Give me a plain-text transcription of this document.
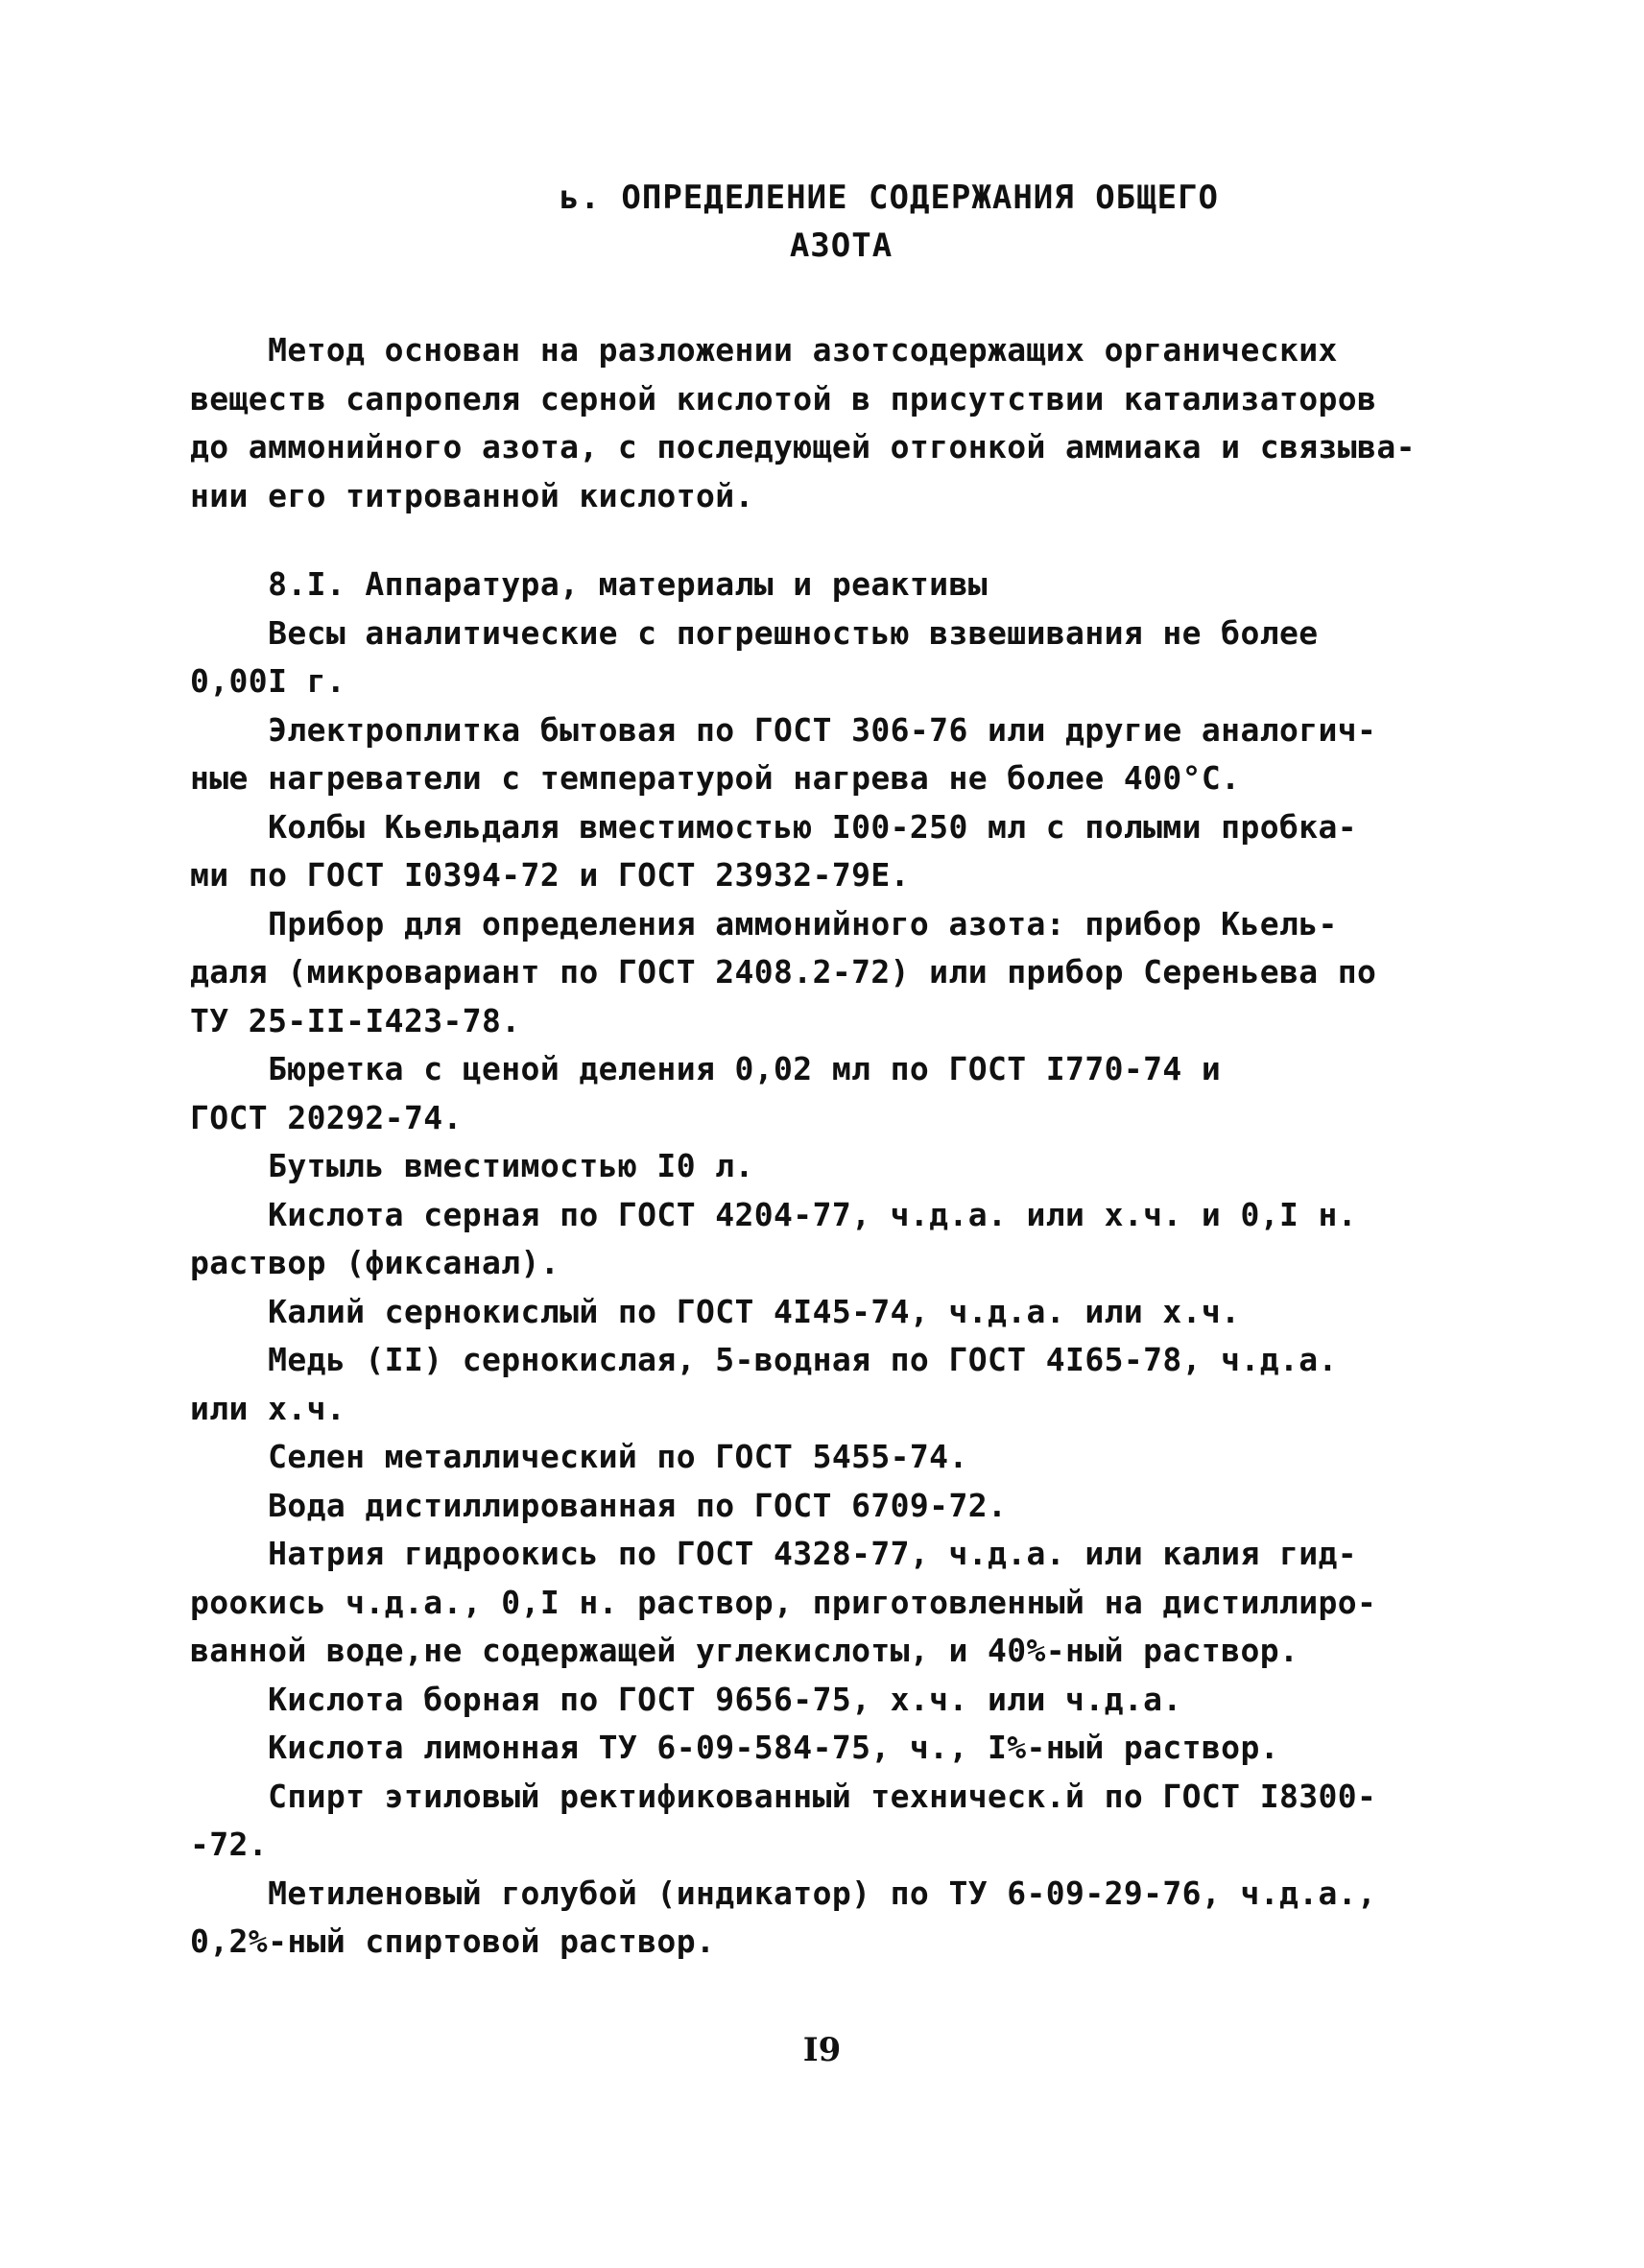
ь. ОПРЕДЕЛЕНИЕ СОДЕРЖАНИЯ ОБЩЕГО
АЗОТА
Метод основан на разложении азотсодержащих органических
веществ сапропеля серной кислотой в присутствии катализаторов
до аммонийного азота, с последующей отгонкой аммиака и связыва-
нии его титрованной кислотой.
8.I. Аппаратура, материалы и реактивы
Весы аналитические с погрешностью взвешивания не более
0,00I г.
Электроплитка бытовая по ГОСТ 306-76 или другие аналогич-
ные нагреватели с температурой нагрева не более 400°С.
Колбы Кьельдаля вместимостью I00-250 мл с полыми пробка-
ми по ГОСТ I0394-72 и ГОСТ 23932-79Е.
Прибор для определения аммонийного азота: прибор Кьель-
даля (микровариант по ГОСТ 2408.2-72) или прибор Сереньева по
ТУ 25-II-I423-78.
Бюретка с ценой деления 0,02 мл по ГОСТ I770-74 и
ГОСТ 20292-74.
Бутыль вместимостью I0 л.
Кислота серная по ГОСТ 4204-77, ч.д.а. или х.ч. и 0,I н.
раствор (фиксанал).
Калий сернокислый по ГОСТ 4I45-74, ч.д.а. или х.ч.
Медь (II) сернокислая, 5-водная по ГОСТ 4I65-78, ч.д.а.
или х.ч.
Селен металлический по ГОСТ 5455-74.
Вода дистиллированная по ГОСТ 6709-72.
Натрия гидроокись по ГОСТ 4328-77, ч.д.а. или калия гид-
роокись ч.д.а., 0,I н. раствор, приготовленный на дистиллиро-
ванной воде,не содержащей углекислоты, и 40%-ный раствор.
Кислота борная по ГОСТ 9656-75, х.ч. или ч.д.а.
Кислота лимонная ТУ 6-09-584-75, ч., I%-ный раствор.
Спирт этиловый ректификованный техническ.й по ГОСТ I8300-
-72.
Метиленовый голубой (индикатор) по ТУ 6-09-29-76, ч.д.а.,
0,2%-ный спиртовой раствор.
I9
